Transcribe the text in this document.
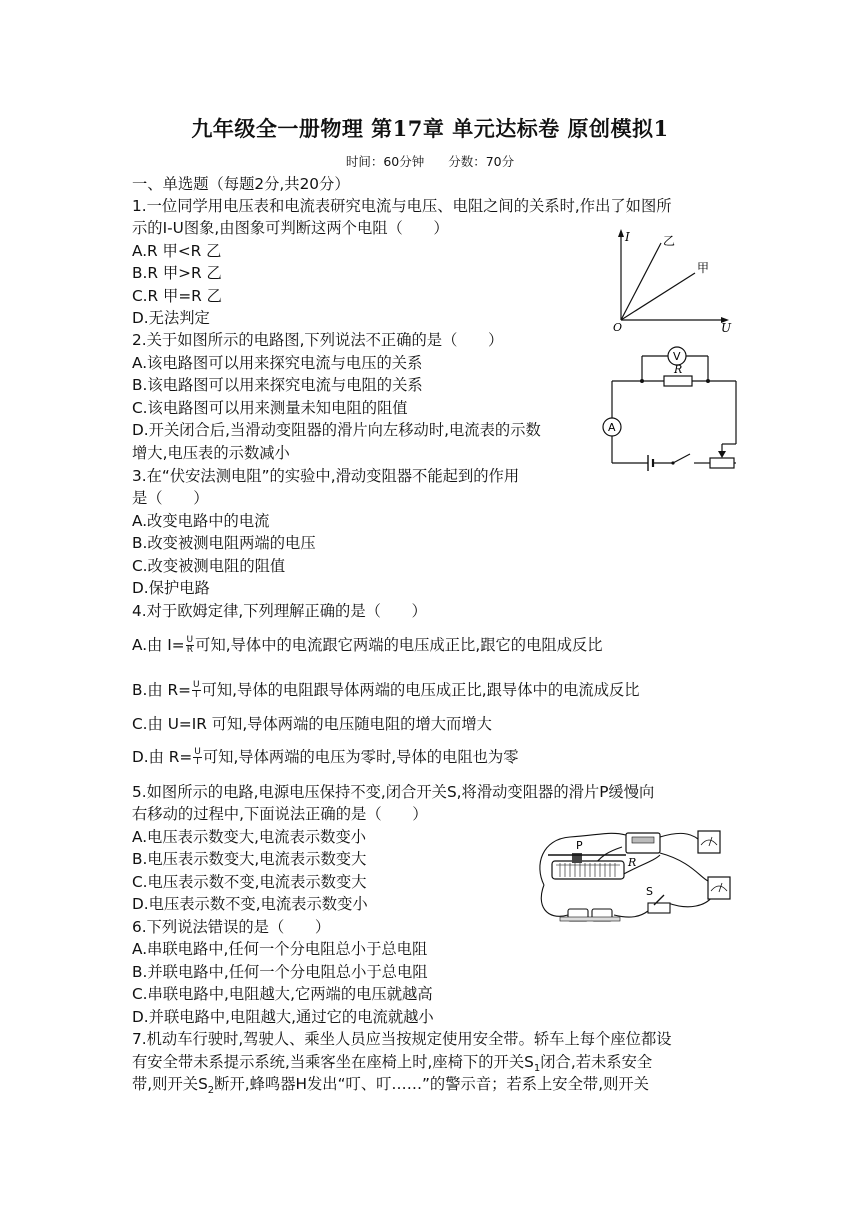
九年级全一册物理 第17章 单元达标卷 原创模拟1
时间：60分钟 分数：70分
一、单选题（每题2分,共20分）
1.一位同学用电压表和电流表研究电流与电压、电阻之间的关系时,作出了如图所
示的I-U图象,由图象可判断这两个电阻（　　）
A.R 甲<R 乙
B.R 甲>R 乙
C.R 甲=R 乙
D.无法判定
I
U
O
乙
甲
2.关于如图所示的电路图,下列说法不正确的是（　　）
A.该电路图可以用来探究电流与电压的关系
B.该电路图可以用来探究电流与电阻的关系
C.该电路图可以用来测量未知电阻的阻值
D.开关闭合后,当滑动变阻器的滑片向左移动时,电流表的示数
增大,电压表的示数减小
V
R
A
3.在“伏安法测电阻”的实验中,滑动变阻器不能起到的作用
是（　　）
A.改变电路中的电流
B.改变被测电阻两端的电压
C.改变被测电阻的阻值
D.保护电路
4.对于欧姆定律,下列理解正确的是（　　）
A.由 $I= \frac{U}{R}$ 可知,导体中的电流跟它两端的电压成正比,跟它的电阻成反比
B.由 $R= \frac{U}{I}$ 可知,导体的电阻跟导体两端的电压成正比,跟导体中的电流成反比
C.由 U=IR 可知,导体两端的电压随电阻的增大而增大
D.由 $R= \frac{U}{I}$ 可知,导体两端的电压为零时,导体的电阻也为零
5.如图所示的电路,电源电压保持不变,闭合开关S,将滑动变阻器的滑片P缓慢向
右移动的过程中,下面说法正确的是（　　）
A.电压表示数变大,电流表示数变小
B.电压表示数变大,电流表示数变大
C.电压表示数不变,电流表示数变大
D.电压表示数不变,电流表示数变小
P
R
S
6.下列说法错误的是（　　）
A.串联电路中,任何一个分电阻总小于总电阻
B.并联电路中,任何一个分电阻总小于总电阻
C.串联电路中,电阻越大,它两端的电压就越高
D.并联电路中,电阻越大,通过它的电流就越小
7.机动车行驶时,驾驶人、乘坐人员应当按规定使用安全带。轿车上每个座位都设
有安全带未系提示系统,当乘客坐在座椅上时,座椅下的开关$S_1$闭合,若未系安全
带,则开关$S_2$断开,蜂鸣器H发出“叮、叮……”的警示音；若系上安全带,则开关
